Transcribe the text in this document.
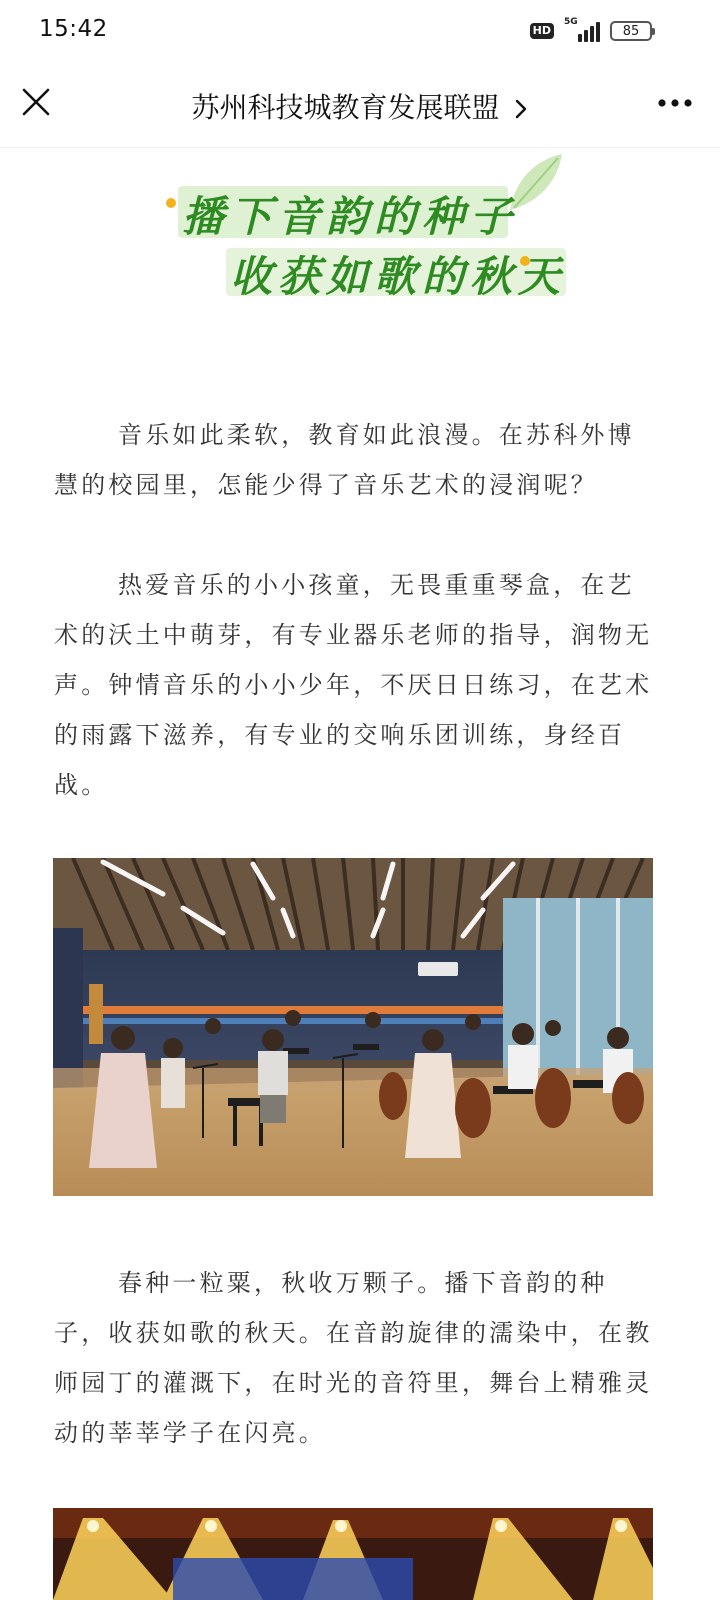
15:42	HD
5G
85
苏州科技城教育发展联盟
播下音韵的种子
收获如歌的秋天

音乐如此柔软，教育如此浪漫。在苏科外博慧的校园里，怎能少得了音乐艺术的浸润呢？

热爱音乐的小小孩童，无畏重重琴盒，在艺术的沃土中萌芽，有专业器乐老师的指导，润物无声。钟情音乐的小小少年，不厌日日练习，在艺术的雨露下滋养，有专业的交响乐团训练，身经百战。

春种一粒粟，秋收万颗子。播下音韵的种子，收获如歌的秋天。在音韵旋律的濡染中，在教师园丁的灌溉下，在时光的音符里，舞台上精雅灵动的莘莘学子在闪亮。
